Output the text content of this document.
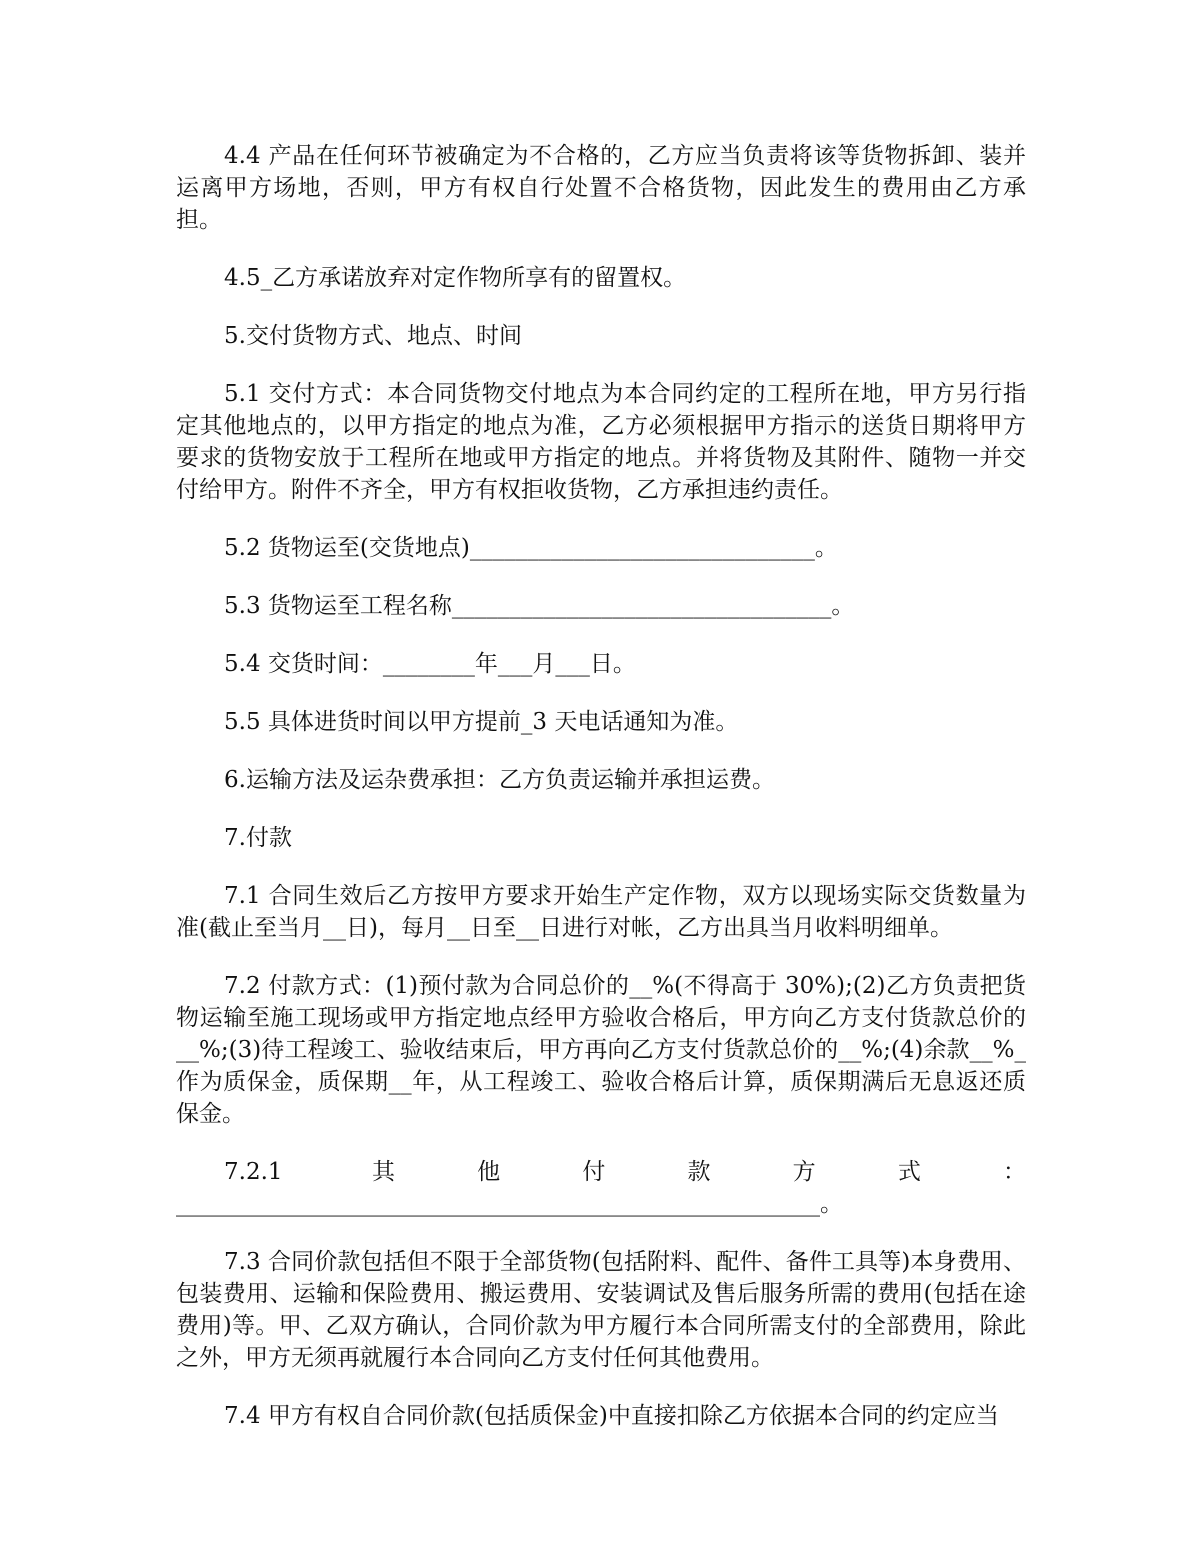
4.4 产品在任何环节被确定为不合格的，乙方应当负责将该等货物拆卸、装并运离甲方场地，否则，甲方有权自行处置不合格货物，因此发生的费用由乙方承担。

4.5_乙方承诺放弃对定作物所享有的留置权。

5.交付货物方式、地点、时间

5.1 交付方式：本合同货物交付地点为本合同约定的工程所在地，甲方另行指定其他地点的，以甲方指定的地点为准，乙方必须根据甲方指示的送货日期将甲方要求的货物安放于工程所在地或甲方指定的地点。并将货物及其附件、随物一并交付给甲方。附件不齐全，甲方有权拒收货物，乙方承担违约责任。

5.2 货物运至(交货地点)______________________________。

5.3 货物运至工程名称_________________________________。

5.4 交货时间：________年___月___日。

5.5 具体进货时间以甲方提前_3 天电话通知为准。

6.运输方法及运杂费承担：乙方负责运输并承担运费。

7.付款

7.1 合同生效后乙方按甲方要求开始生产定作物，双方以现场实际交货数量为准(截止至当月__日)，每月__日至__日进行对帐，乙方出具当月收料明细单。

7.2 付款方式：(1)预付款为合同总价的__%(不得高于 30%);(2)乙方负责把货物运输至施工现场或甲方指定地点经甲方验收合格后，甲方向乙方支付货款总价的__%;(3)待工程竣工、验收结束后，甲方再向乙方支付货款总价的__%;(4)余款__%_作为质保金，质保期__年，从工程竣工、验收合格后计算，质保期满后无息返还质保金。

7.2.1 其他付款方式：________________________________________________________。

7.3 合同价款包括但不限于全部货物(包括附料、配件、备件工具等)本身费用、包装费用、运输和保险费用、搬运费用、安装调试及售后服务所需的费用(包括在途费用)等。甲、乙双方确认，合同价款为甲方履行本合同所需支付的全部费用，除此之外，甲方无须再就履行本合同向乙方支付任何其他费用。

7.4 甲方有权自合同价款(包括质保金)中直接扣除乙方依据本合同的约定应当
